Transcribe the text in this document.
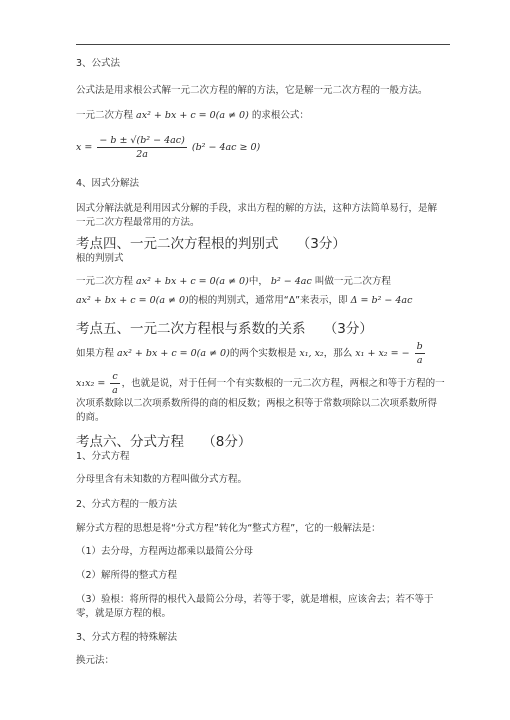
3、公式法
公式法是用求根公式解一元二次方程的解的方法，它是解一元二次方程的一般方法。
一元二次方程 ax² + bx + c = 0(a ≠ 0) 的求根公式：
$x = \frac{\text{− b ± √(b² − 4ac)}}{2a} (b^2 - 4ac \ge 0)$
4、因式分解法
因式分解法就是利用因式分解的手段，求出方程的解的方法，这种方法简单易行，是解
一元二次方程最常用的方法。
考点四、一元二次方程根的判别式 （3分）
根的判别式
一元二次方程 ax² + bx + c = 0(a ≠ 0)中， b² − 4ac 叫做一元二次方程
ax² + bx + c = 0(a ≠ 0)的根的判别式，通常用“Δ”来表示，即 Δ = b² − 4ac
考点五、一元二次方程根与系数的关系 （3分）
如果方程 ax² + bx + c = 0(a ≠ 0)的两个实数根是 x₁, x₂，那么 x₁ + x₂ = − $\frac{b}{a}$
$x_1x_2 = \frac{c}{a}$ ，也就是说，对于任何一个有实数根的一元二次方程，两根之和等于方程的一
次项系数除以二次项系数所得的商的相反数；两根之积等于常数项除以二次项系数所得
的商。
考点六、分式方程 （8分）
1、分式方程
分母里含有未知数的方程叫做分式方程。
2、分式方程的一般方法
解分式方程的思想是将“分式方程”转化为“整式方程”，它的一般解法是：
（1）去分母，方程两边都乘以最简公分母
（2）解所得的整式方程
（3）验根：将所得的根代入最简公分母，若等于零，就是增根，应该舍去；若不等于
零，就是原方程的根。
3、分式方程的特殊解法
换元法：
